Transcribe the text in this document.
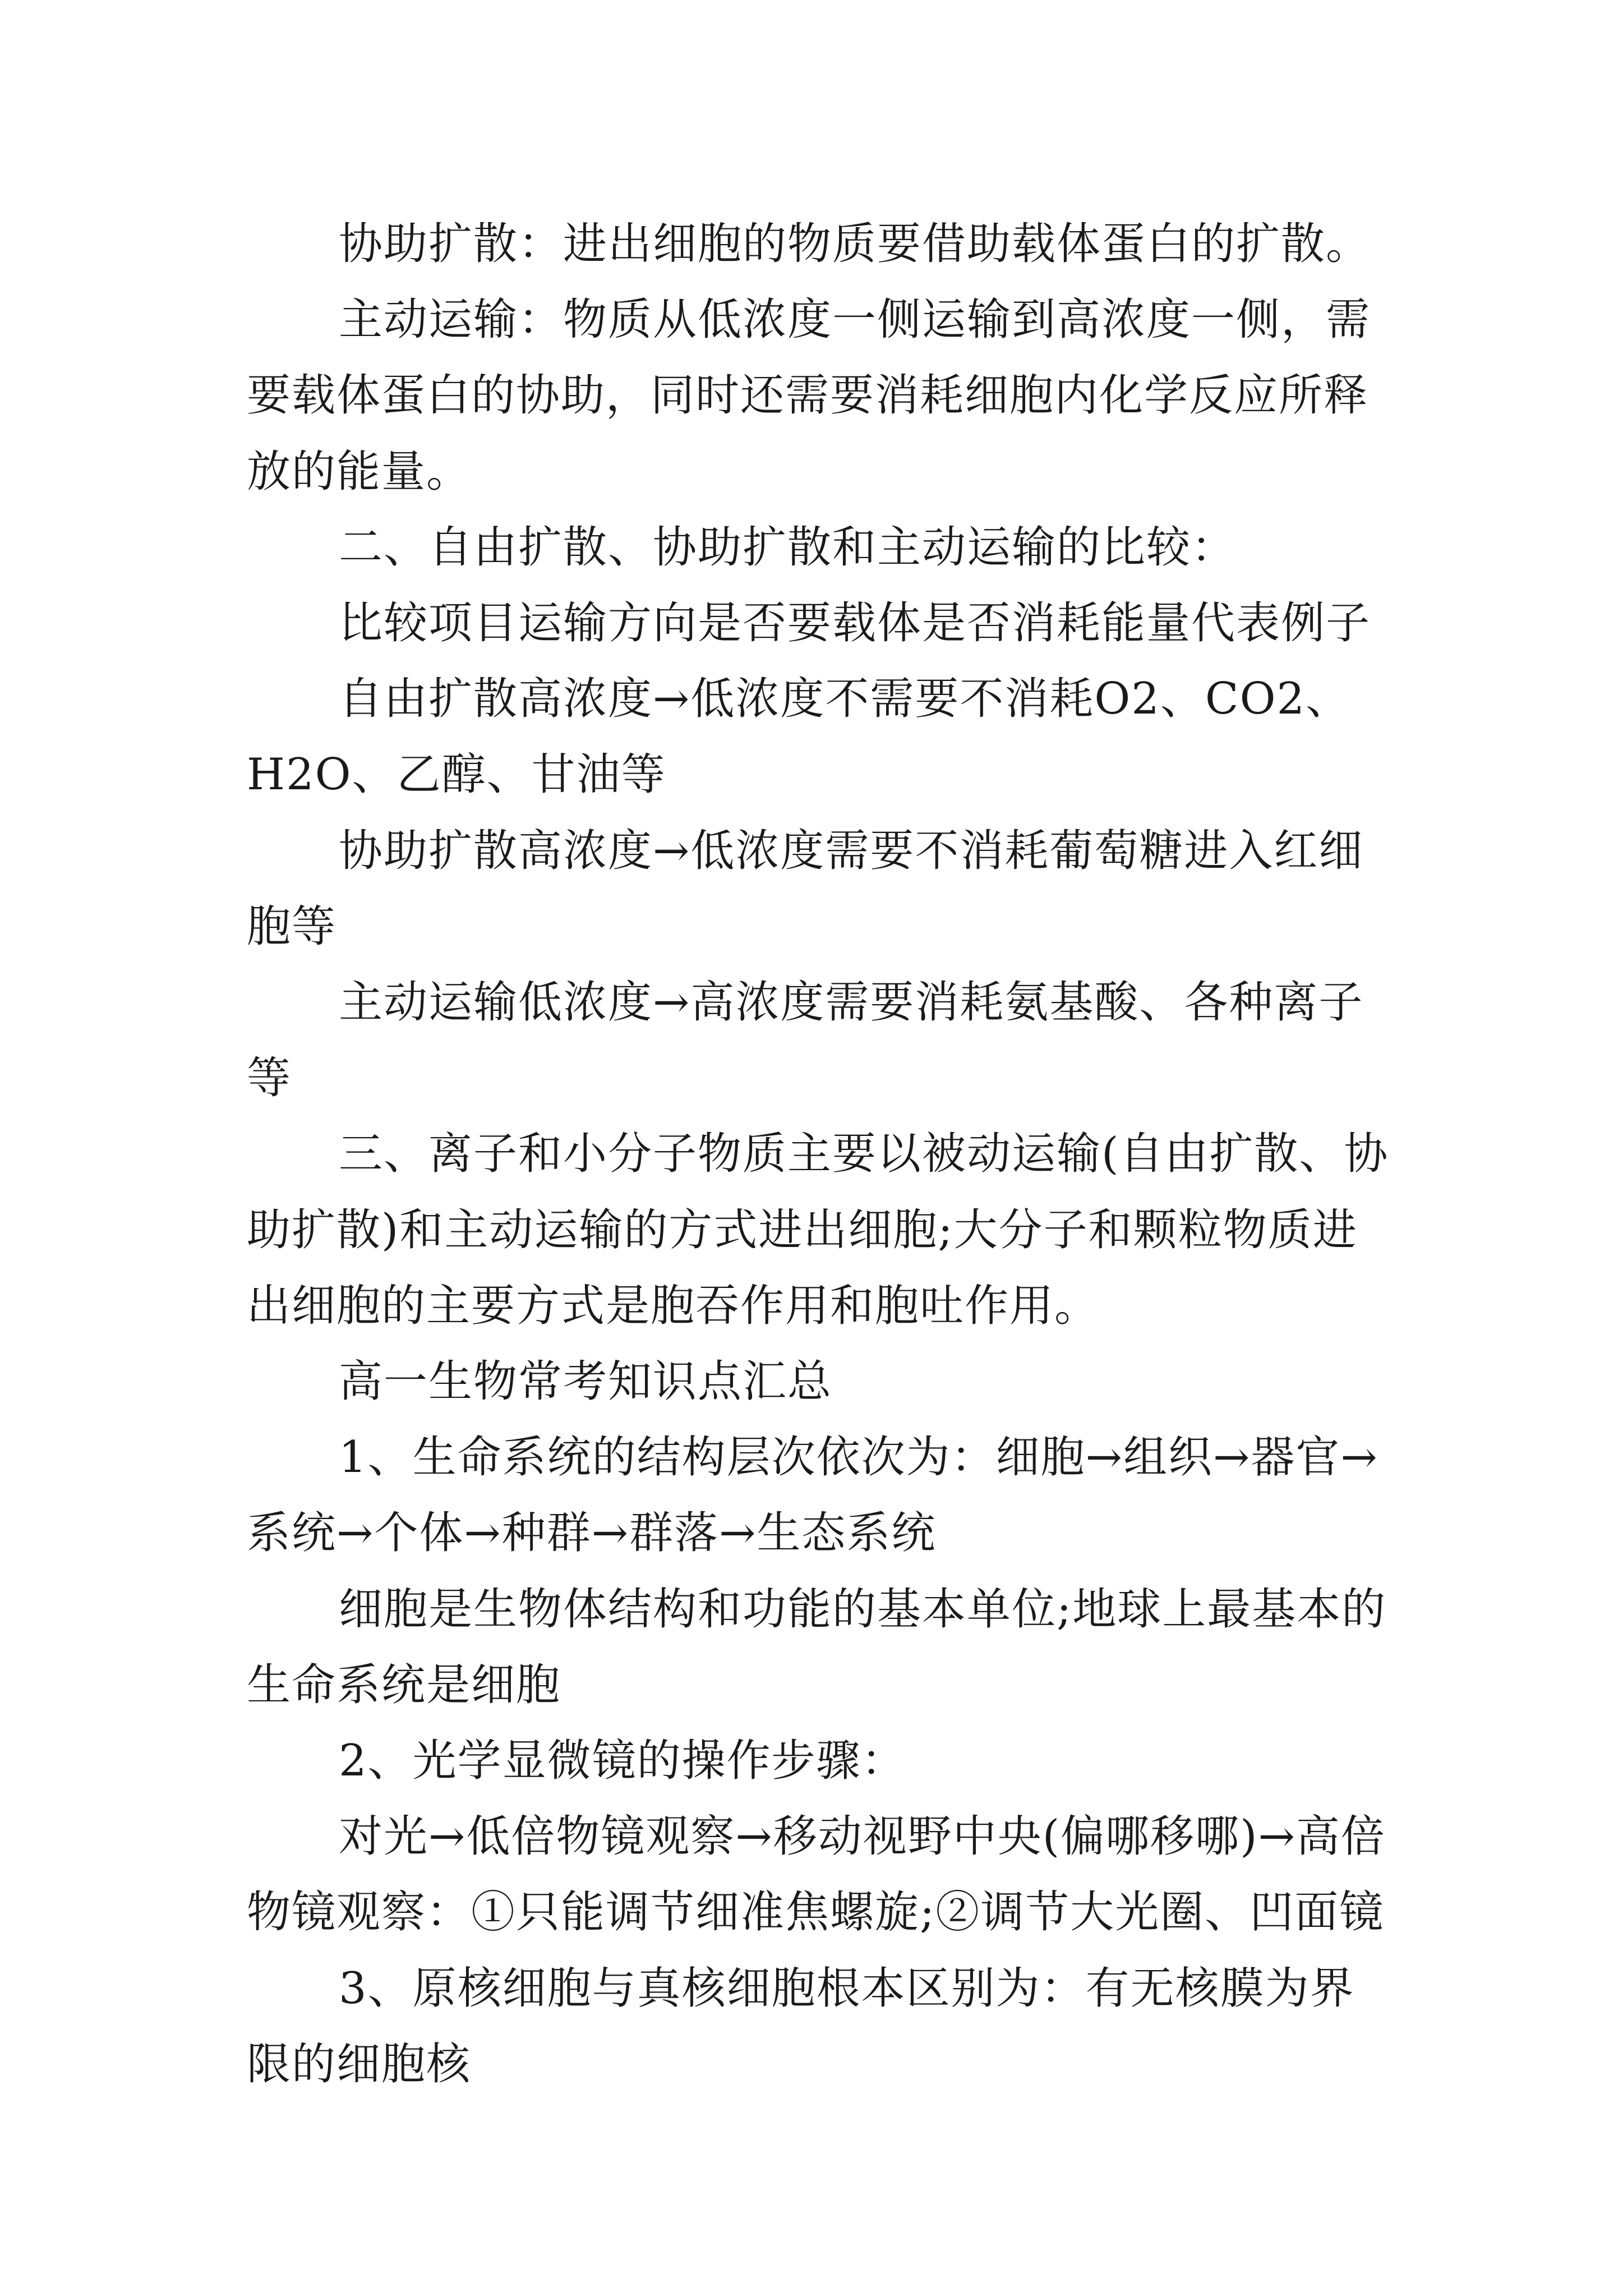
协助扩散：进出细胞的物质要借助载体蛋白的扩散。

主动运输：物质从低浓度一侧运输到高浓度一侧，需要载体蛋白的协助，同时还需要消耗细胞内化学反应所释放的能量。

二、自由扩散、协助扩散和主动运输的比较：

比较项目运输方向是否要载体是否消耗能量代表例子

自由扩散高浓度→低浓度不需要不消耗O2、CO2、H2O、乙醇、甘油等

协助扩散高浓度→低浓度需要不消耗葡萄糖进入红细胞等

主动运输低浓度→高浓度需要消耗氨基酸、各种离子等

三、离子和小分子物质主要以被动运输(自由扩散、协助扩散)和主动运输的方式进出细胞;大分子和颗粒物质进出细胞的主要方式是胞吞作用和胞吐作用。

高一生物常考知识点汇总

1、生命系统的结构层次依次为：细胞→组织→器官→系统→个体→种群→群落→生态系统

细胞是生物体结构和功能的基本单位;地球上最基本的生命系统是细胞

2、光学显微镜的操作步骤：

对光→低倍物镜观察→移动视野中央(偏哪移哪)→高倍物镜观察：①只能调节细准焦螺旋;②调节大光圈、凹面镜

3、原核细胞与真核细胞根本区别为：有无核膜为界限的细胞核
